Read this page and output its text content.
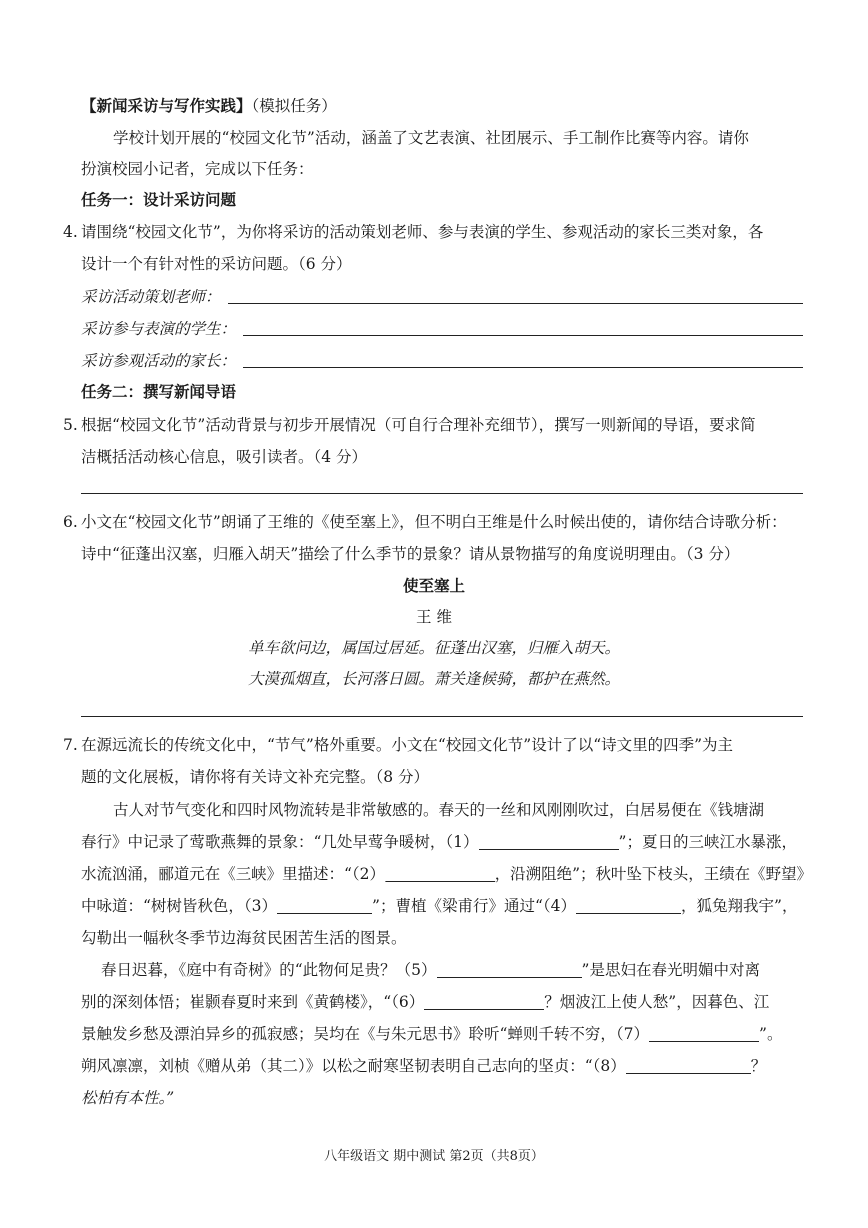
【新闻采访与写作实践】（模拟任务）
学校计划开展的“校园文化节”活动，涵盖了文艺表演、社团展示、手工制作比赛等内容。请你
扮演校园小记者，完成以下任务：
任务一：设计采访问题
4. 请围绕“校园文化节”，为你将采访的活动策划老师、参与表演的学生、参观活动的家长三类对象，各
设计一个有针对性的采访问题。（6 分）
采访活动策划老师：
采访参与表演的学生：
采访参观活动的家长：
任务二：撰写新闻导语
5. 根据“校园文化节”活动背景与初步开展情况（可自行合理补充细节），撰写一则新闻的导语，要求简
洁概括活动核心信息，吸引读者。（4 分）
6. 小文在“校园文化节”朗诵了王维的《使至塞上》，但不明白王维是什么时候出使的，请你结合诗歌分析：
诗中“征蓬出汉塞，归雁入胡天”描绘了什么季节的景象？请从景物描写的角度说明理由。（3 分）
使至塞上
王 维
单车欲问边，属国过居延。征蓬出汉塞，归雁入胡天。
大漠孤烟直，长河落日圆。萧关逢候骑，都护在燕然。
7. 在源远流长的传统文化中，“节气”格外重要。小文在“校园文化节”设计了以“诗文里的四季”为主
题的文化展板，请你将有关诗文补充完整。（8 分）
古人对节气变化和四时风物流转是非常敏感的。春天的一丝和风刚刚吹过，白居易便在《钱塘湖
春行》中记录了莺歌燕舞的景象：“几处早莺争暖树，（1）	”；夏日的三峡江水暴涨，
水流汹涌，郦道元在《三峡》里描述：“（2）	，沿溯阻绝”；秋叶坠下枝头，王绩在《野望》
中咏道：“树树皆秋色，（3）	”；曹植《梁甫行》通过“（4）	，狐兔翔我宇”，
勾勒出一幅秋冬季节边海贫民困苦生活的图景。
春日迟暮，《庭中有奇树》的“此物何足贵？（5）	”是思妇在春光明媚中对离
别的深刻体悟；崔颢春夏时来到《黄鹤楼》，“（6）	？烟波江上使人愁”，因暮色、江
景触发乡愁及漂泊异乡的孤寂感；吴均在《与朱元思书》聆听“蝉则千转不穷，（7）	”。
朔风凛凛，刘桢《赠从弟（其二）》以松之耐寒坚韧表明自己志向的坚贞：“（8）	？
松柏有本性。”
八年级语文 期中测试 第2页（共8页）
